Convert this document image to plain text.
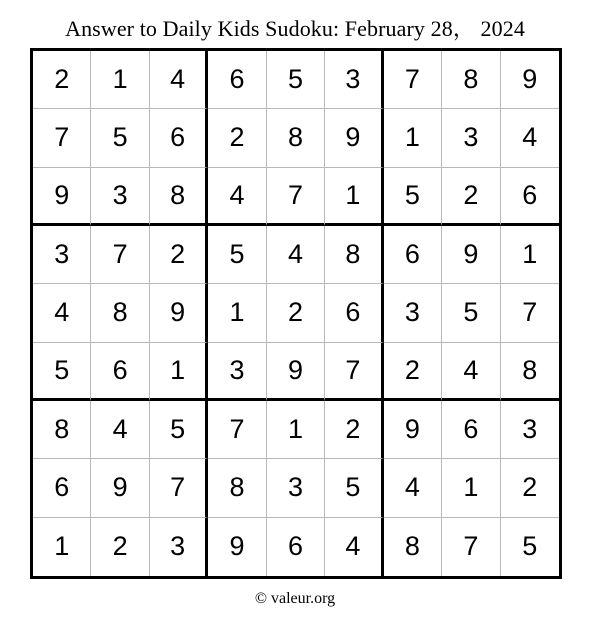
Answer to Daily Kids Sudoku: February 28， 2024
2	1	4	6	5	3	7	8	9
7	5	6	2	8	9	1	3	4
9	3	8	4	7	1	5	2	6
3	7	2	5	4	8	6	9	1
4	8	9	1	2	6	3	5	7
5	6	1	3	9	7	2	4	8
8	4	5	7	1	2	9	6	3
6	9	7	8	3	5	4	1	2
1	2	3	9	6	4	8	7	5
© valeur.org
